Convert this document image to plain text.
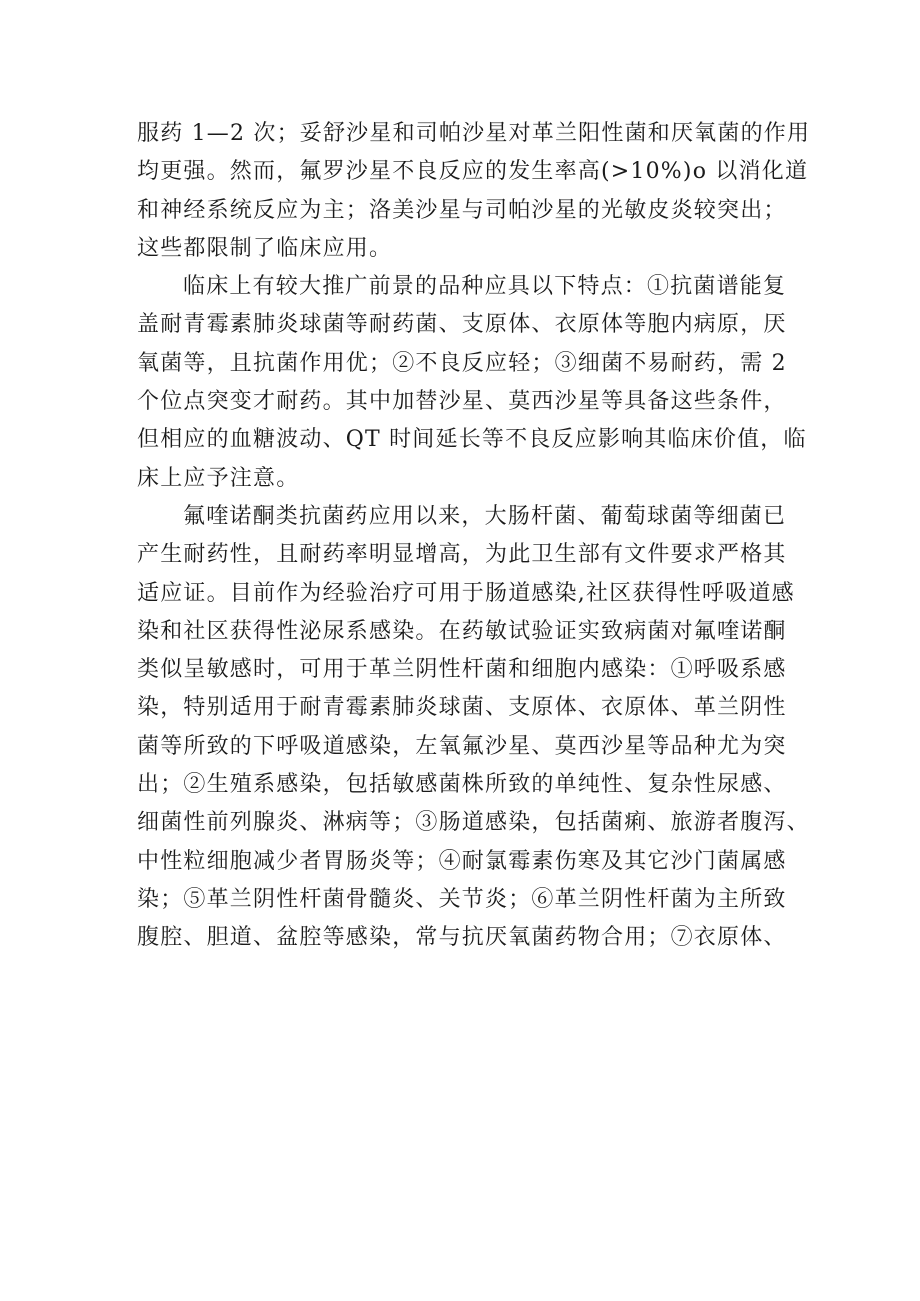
服药 1—2 次；妥舒沙星和司帕沙星对革兰阳性菌和厌氧菌的作用
均更强。然而，氟罗沙星不良反应的发生率高(>10%)o 以消化道
和神经系统反应为主；洛美沙星与司帕沙星的光敏皮炎较突出；
这些都限制了临床应用。
临床上有较大推广前景的品种应具以下特点：①抗菌谱能复
盖耐青霉素肺炎球菌等耐药菌、支原体、衣原体等胞内病原，厌
氧菌等，且抗菌作用优；②不良反应轻；③细菌不易耐药，需 2
个位点突变才耐药。其中加替沙星、莫西沙星等具备这些条件，
但相应的血糖波动、QT 时间延长等不良反应影响其临床价值，临
床上应予注意。
氟喹诺酮类抗菌药应用以来，大肠杆菌、葡萄球菌等细菌已
产生耐药性，且耐药率明显增高，为此卫生部有文件要求严格其
适应证。目前作为经验治疗可用于肠道感染,社区获得性呼吸道感
染和社区获得性泌尿系感染。在药敏试验证实致病菌对氟喹诺酮
类似呈敏感时，可用于革兰阴性杆菌和细胞内感染：①呼吸系感
染，特别适用于耐青霉素肺炎球菌、支原体、衣原体、革兰阴性
菌等所致的下呼吸道感染，左氧氟沙星、莫西沙星等品种尤为突
出；②生殖系感染，包括敏感菌株所致的单纯性、复杂性尿感、
细菌性前列腺炎、淋病等；③肠道感染，包括菌痢、旅游者腹泻、
中性粒细胞减少者胃肠炎等；④耐氯霉素伤寒及其它沙门菌属感
染；⑤革兰阴性杆菌骨髓炎、关节炎；⑥革兰阴性杆菌为主所致
腹腔、胆道、盆腔等感染，常与抗厌氧菌药物合用；⑦衣原体、
